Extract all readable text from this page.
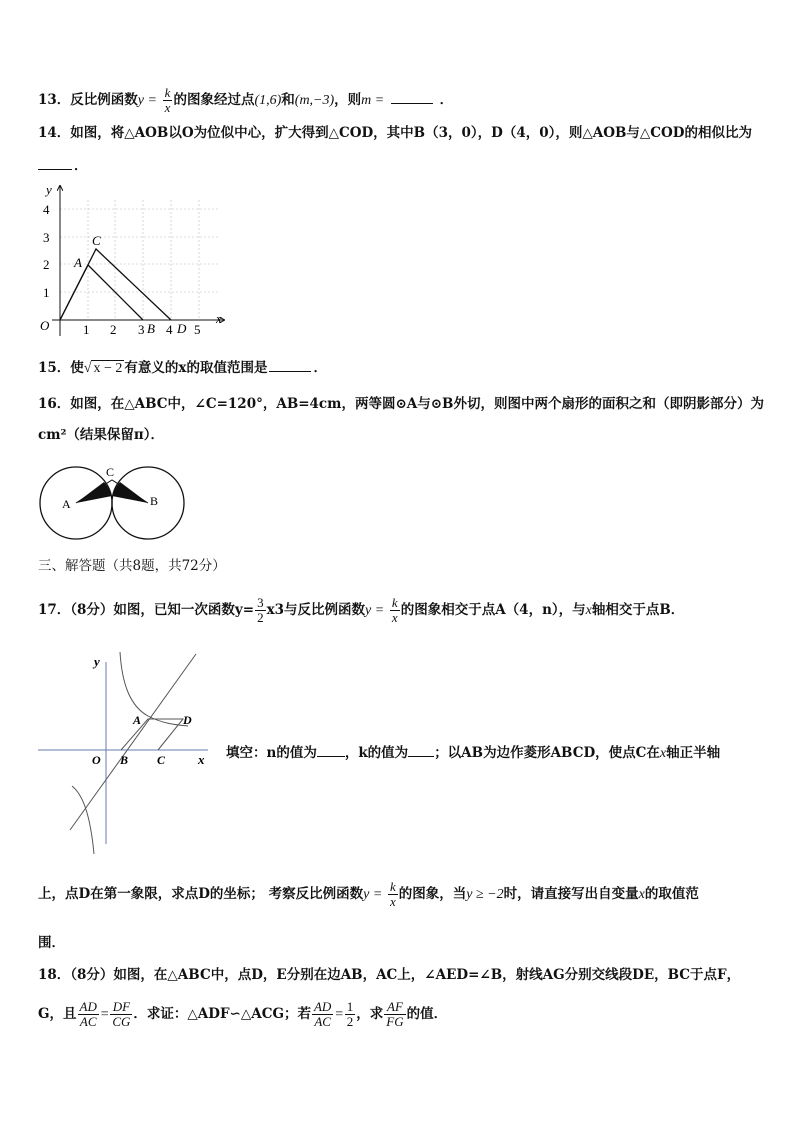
13．反比例函数$y = \frac{k}{x}$ 的图象经过点(1,6)和(m,−3)，则m =	．
14．如图，将△AOB以O为位似中心，扩大得到△COD，其中B（3，0），D（4，0），则△AOB与△COD的相似比为
．
y
x
O
4
3
2
1
1 2 3 4 5
B D
A
C
15．使√ x − 2 有意义的x的取值范围是	．
16．如图，在△ABC中，∠C=120°，AB=4cm，两等圆⊙A与⊙B外切，则图中两个扇形的面积之和（即阴影部分）为
cm²（结果保留π）．
A	B
C
三、解答题（共8题，共72分）
17．（8分）如图，已知一次函数$y= \frac{3}{2} x3$与反比例函数$y = \frac{k}{x}$ 的图象相交于点A（4，n），与x轴相交于点B．
y
x
O B C
A	D
填空：n的值为 ，k的值为 ；以AB为边作菱形ABCD，使点C在x轴正半轴
上，点D在第一象限，求点D的坐标； 考察反比例函数$y = \frac{k}{x}$ 的图象，当y ≥ −2时，请直接写出自变量x的取值范
围．
18．（8分）如图，在△ABC中，点D，E分别在边AB，AC上，∠AED=∠B，射线AG分别交线段DE，BC于点F，
G，且 $\frac{AD}{AC} = \frac{DF}{CG}$ ．求证：△ADF∽△ACG；若 $\frac{AD}{AC} = \frac{1}{2}$ ，求 $\frac{AF}{FG}$ 的值．
